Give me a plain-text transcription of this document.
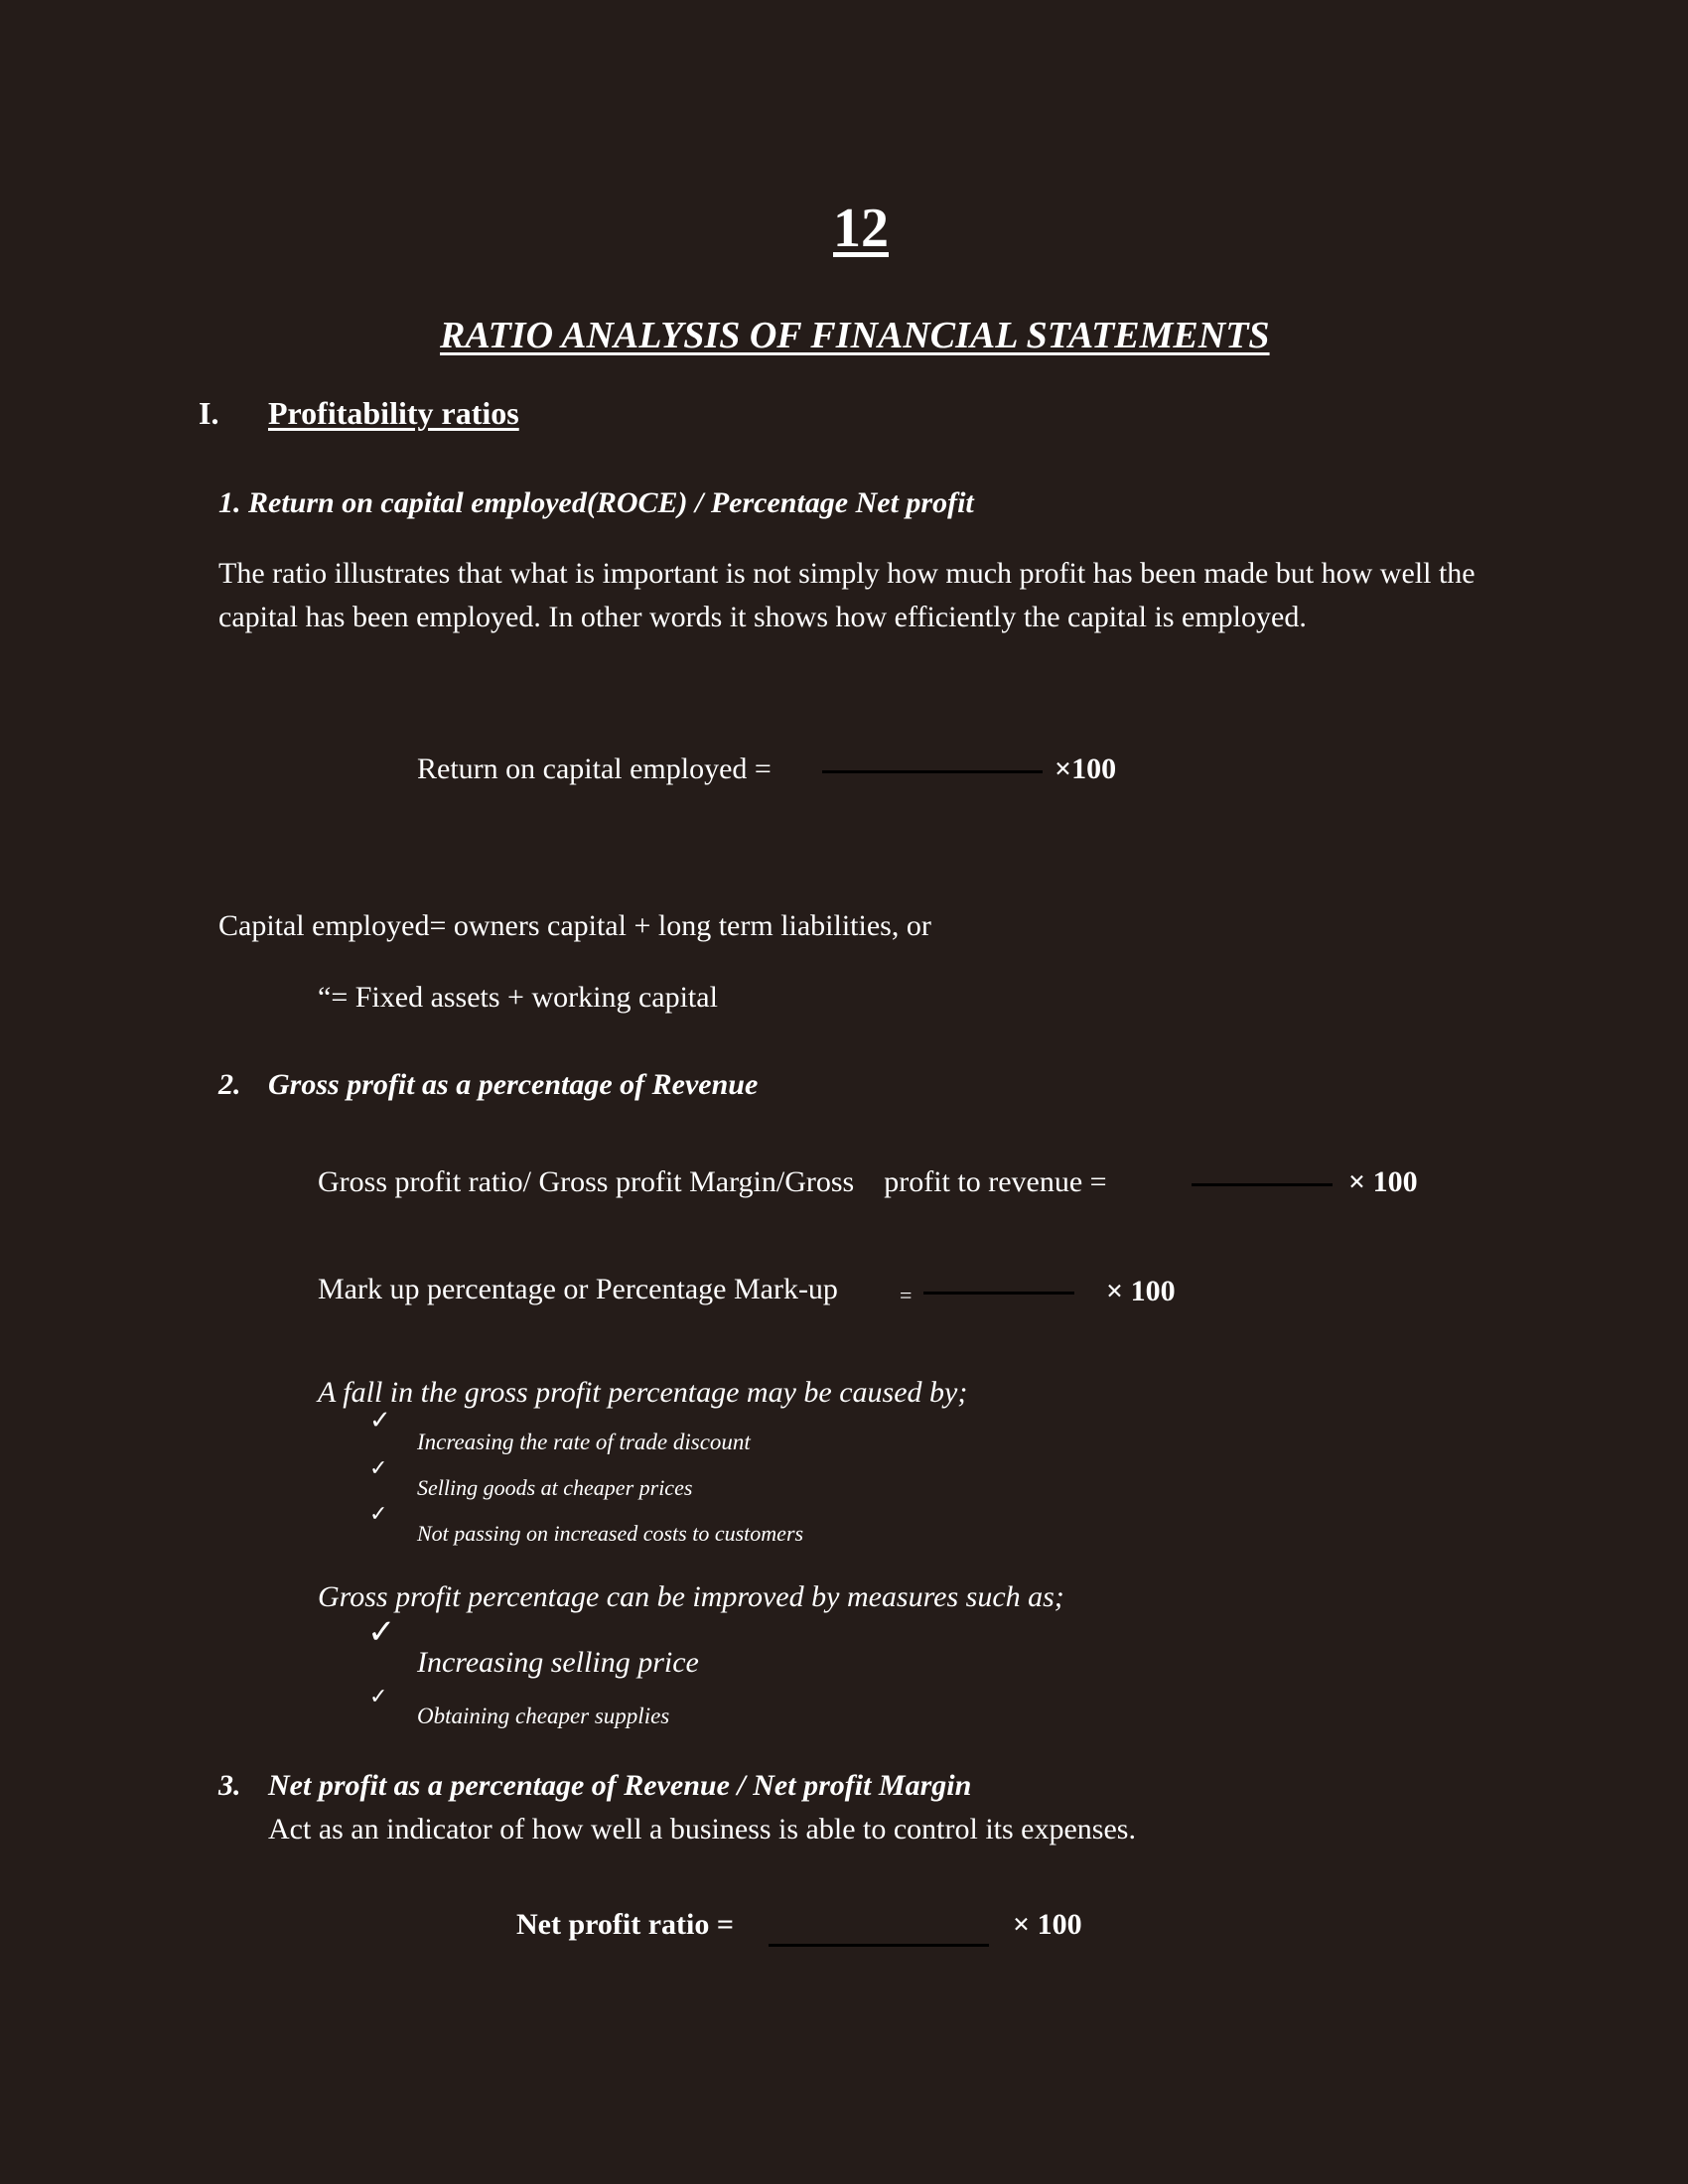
12
RATIO ANALYSIS OF FINANCIAL STATEMENTS
I. Profitability ratios
1. Return on capital employed(ROCE) / Percentage Net profit
The ratio illustrates that what is important is not simply how much profit has been made but how well the capital has been employed. In other words it shows how efficiently the capital is employed.
Return on capital employed =	×100
Capital employed= owners capital + long term liabilities, or
“= Fixed assets + working capital
2. Gross profit as a percentage of Revenue
Gross profit ratio/ Gross profit Margin/Gross    profit to revenue =	× 100
Mark up percentage or Percentage Mark-up	=	× 100
A fall in the gross profit percentage may be caused by;
✓
Increasing the rate of trade discount
✓
Selling goods at cheaper prices
✓
Not passing on increased costs to customers
Gross profit percentage can be improved by measures such as;
✓
Increasing selling price
✓
Obtaining cheaper supplies
3. Net profit as a percentage of Revenue / Net profit Margin
Act as an indicator of how well a business is able to control its expenses.
Net profit ratio =	× 100
